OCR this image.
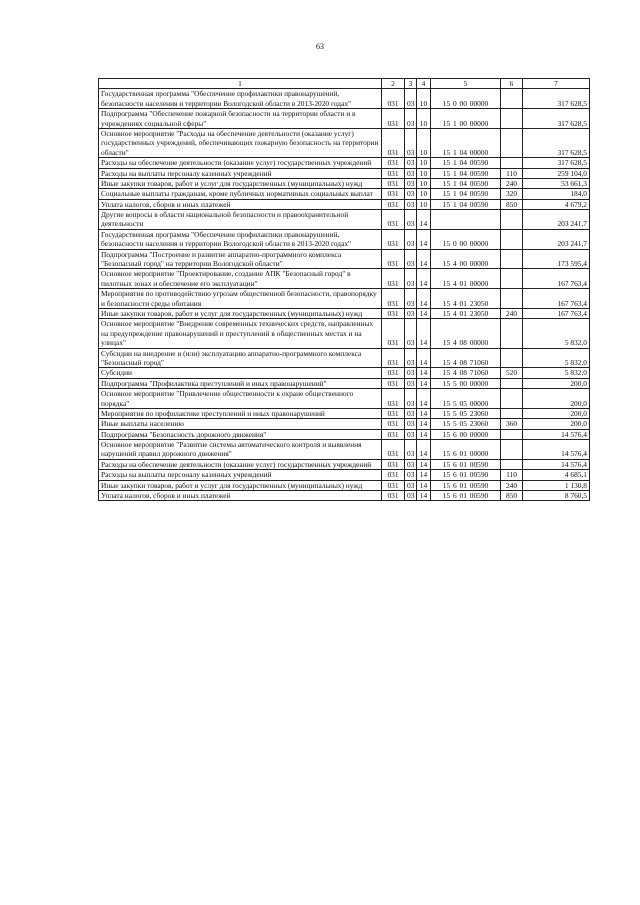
63
1	2	3	4	5	6	7
Государственная программа "Обеспечение профилактики правонарушений, безопасности населения и территории Вологодской области в 2013-2020 годах"	031	03	10	15 0 00 00000		317 628,5
Подпрограмма "Обеспечение пожарной безопасности на территории области и в учреждениях социальной сферы"	031	03	10	15 1 00 00000		317 628,5
Основное мероприятие "Расходы на обеспечение деятельности (оказание услуг) государственных учреждений, обеспечивающих пожарную безопасность на территории области"	031	03	10	15 1 04 00000		317 628,5
Расходы на обеспечение деятельности (оказание услуг) государственных учреждений	031	03	10	15 1 04 00590		317 628,5
Расходы на выплаты персоналу казенных учреждений	031	03	10	15 1 04 00590	110	259 104,0
Иные закупки товаров, работ и услуг для государственных (муниципальных) нужд	031	03	10	15 1 04 00590	240	53 661,3
Социальные выплаты гражданам, кроме публичных нормативных социальных выплат	031	03	10	15 1 04 00590	320	184,0
Уплата налогов, сборов и иных платежей	031	03	10	15 1 04 00590	850	4 679,2
Другие вопросы в области национальной безопасности и правоохранительной деятельности	031	03	14			203 241,7
Государственная программа "Обеспечение профилактики правонарушений, безопасности населения и территории Вологодской области в 2013-2020 годах"	031	03	14	15 0 00 00000		203 241,7
Подпрограмма "Построение и развитие аппаратно-программного комплекса "Безопасный город" на территории Вологодской области"	031	03	14	15 4 00 00000		173 595,4
Основное мероприятие "Проектирование, создание АПК "Безопасный город" в пилотных зонах и обеспечение его эксплуатации"	031	03	14	15 4 01 00000		167 763,4
Мероприятия по противодействию угрозам общественной безопасности, правопорядку и безопасности среды обитания	031	03	14	15 4 01 23050		167 763,4
Иные закупки товаров, работ и услуг для государственных (муниципальных) нужд	031	03	14	15 4 01 23050	240	167 763,4
Основное мероприятие "Внедрение современных технических средств, направленных на предупреждение правонарушений и преступлений в общественных местах и на улицах"	031	03	14	15 4 08 00000		5 832,0
Субсидии на внедрение и (или) эксплуатацию аппаратно-программного комплекса "Безопасный город"	031	03	14	15 4 08 71060		5 832,0
Субсидии	031	03	14	15 4 08 71060	520	5 832,0
Подпрограмма "Профилактика преступлений и иных правонарушений"	031	03	14	15 5 00 00000		200,0
Основное мероприятие "Привлечение общественности к охране общественного порядка"	031	03	14	15 5 05 00000		200,0
Мероприятия по профилактике преступлений и иных правонарушений	031	03	14	15 5 05 23060		200,0
Иные выплаты населению	031	03	14	15 5 05 23060	360	200,0
Подпрограмма "Безопасность дорожного движения"	031	03	14	15 6 00 00000		14 576,4
Основное мероприятие "Развитие системы автоматического контроля и выявления нарушений правил дорожного движения"	031	03	14	15 6 01 00000		14 576,4
Расходы на обеспечение деятельности (оказание услуг) государственных учреждений	031	03	14	15 6 01 00590		14 576,4
Расходы на выплаты персоналу казенных учреждений	031	03	14	15 6 01 00590	110	4 685,1
Иные закупки товаров, работ и услуг для государственных (муниципальных) нужд	031	03	14	15 6 01 00590	240	1 130,8
Уплата налогов, сборов и иных платежей	031	03	14	15 6 01 00590	850	8 760,5
